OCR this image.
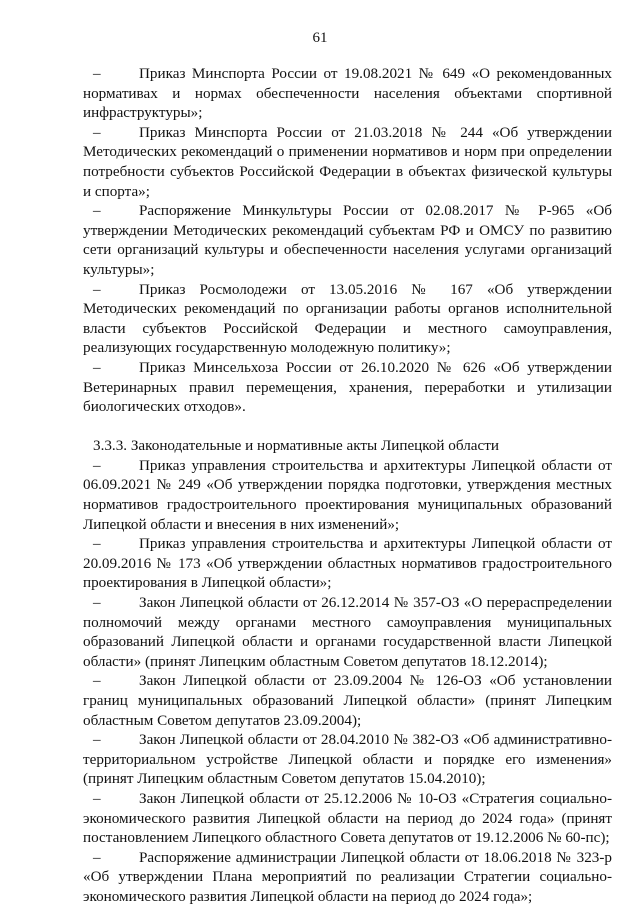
61

–	Приказ Минспорта России от 19.08.2021 № 649 «О рекомендованных нормативах и нормах обеспеченности населения объектами спортивной инфраструктуры»;

–	Приказ Минспорта России от 21.03.2018 № 244 «Об утверждении Методических рекомендаций о применении нормативов и норм при определении потребности субъектов Российской Федерации в объектах физической культуры и спорта»;

–	Распоряжение Минкультуры России от 02.08.2017 № Р-965 «Об утверждении Методических рекомендаций субъектам РФ и ОМСУ по развитию сети организаций культуры и обеспеченности населения услугами организаций культуры»;

–	Приказ Росмолодежи от 13.05.2016 № 167 «Об утверждении Методических рекомендаций по организации работы органов исполнительной власти субъектов Российской Федерации и местного самоуправления, реализующих государственную молодежную политику»;

–	Приказ Минсельхоза России от 26.10.2020 № 626 «Об утверждении Ветеринарных правил перемещения, хранения, переработки и утилизации биологических отходов».

3.3.3. Законодательные и нормативные акты Липецкой области

–	Приказ управления строительства и архитектуры Липецкой области от 06.09.2021 № 249 «Об утверждении порядка подготовки, утверждения местных нормативов градостроительного проектирования муниципальных образований Липецкой области и внесения в них изменений»;

–	Приказ управления строительства и архитектуры Липецкой области от 20.09.2016 № 173 «Об утверждении областных нормативов градостроительного проектирования в Липецкой области»;

–	Закон Липецкой области от 26.12.2014 № 357-ОЗ «О перераспределении полномочий между органами местного самоуправления муниципальных образований Липецкой области и органами государственной власти Липецкой области» (принят Липецким областным Советом депутатов 18.12.2014);

–	Закон Липецкой области от 23.09.2004 № 126-ОЗ «Об установлении границ муниципальных образований Липецкой области» (принят Липецким областным Советом депутатов 23.09.2004);

–	Закон Липецкой области от 28.04.2010 № 382-ОЗ «Об административно-территориальном устройстве Липецкой области и порядке его изменения» (принят Липецким областным Советом депутатов 15.04.2010);

–	Закон Липецкой области от 25.12.2006 № 10-ОЗ «Стратегия социально-экономического развития Липецкой области на период до 2024 года» (принят постановлением Липецкого областного Совета депутатов от 19.12.2006 № 60-пс);

–	Распоряжение администрации Липецкой области от 18.06.2018 № 323-р «Об утверждении Плана мероприятий по реализации Стратегии социально-экономического развития Липецкой области на период до 2024 года»;
